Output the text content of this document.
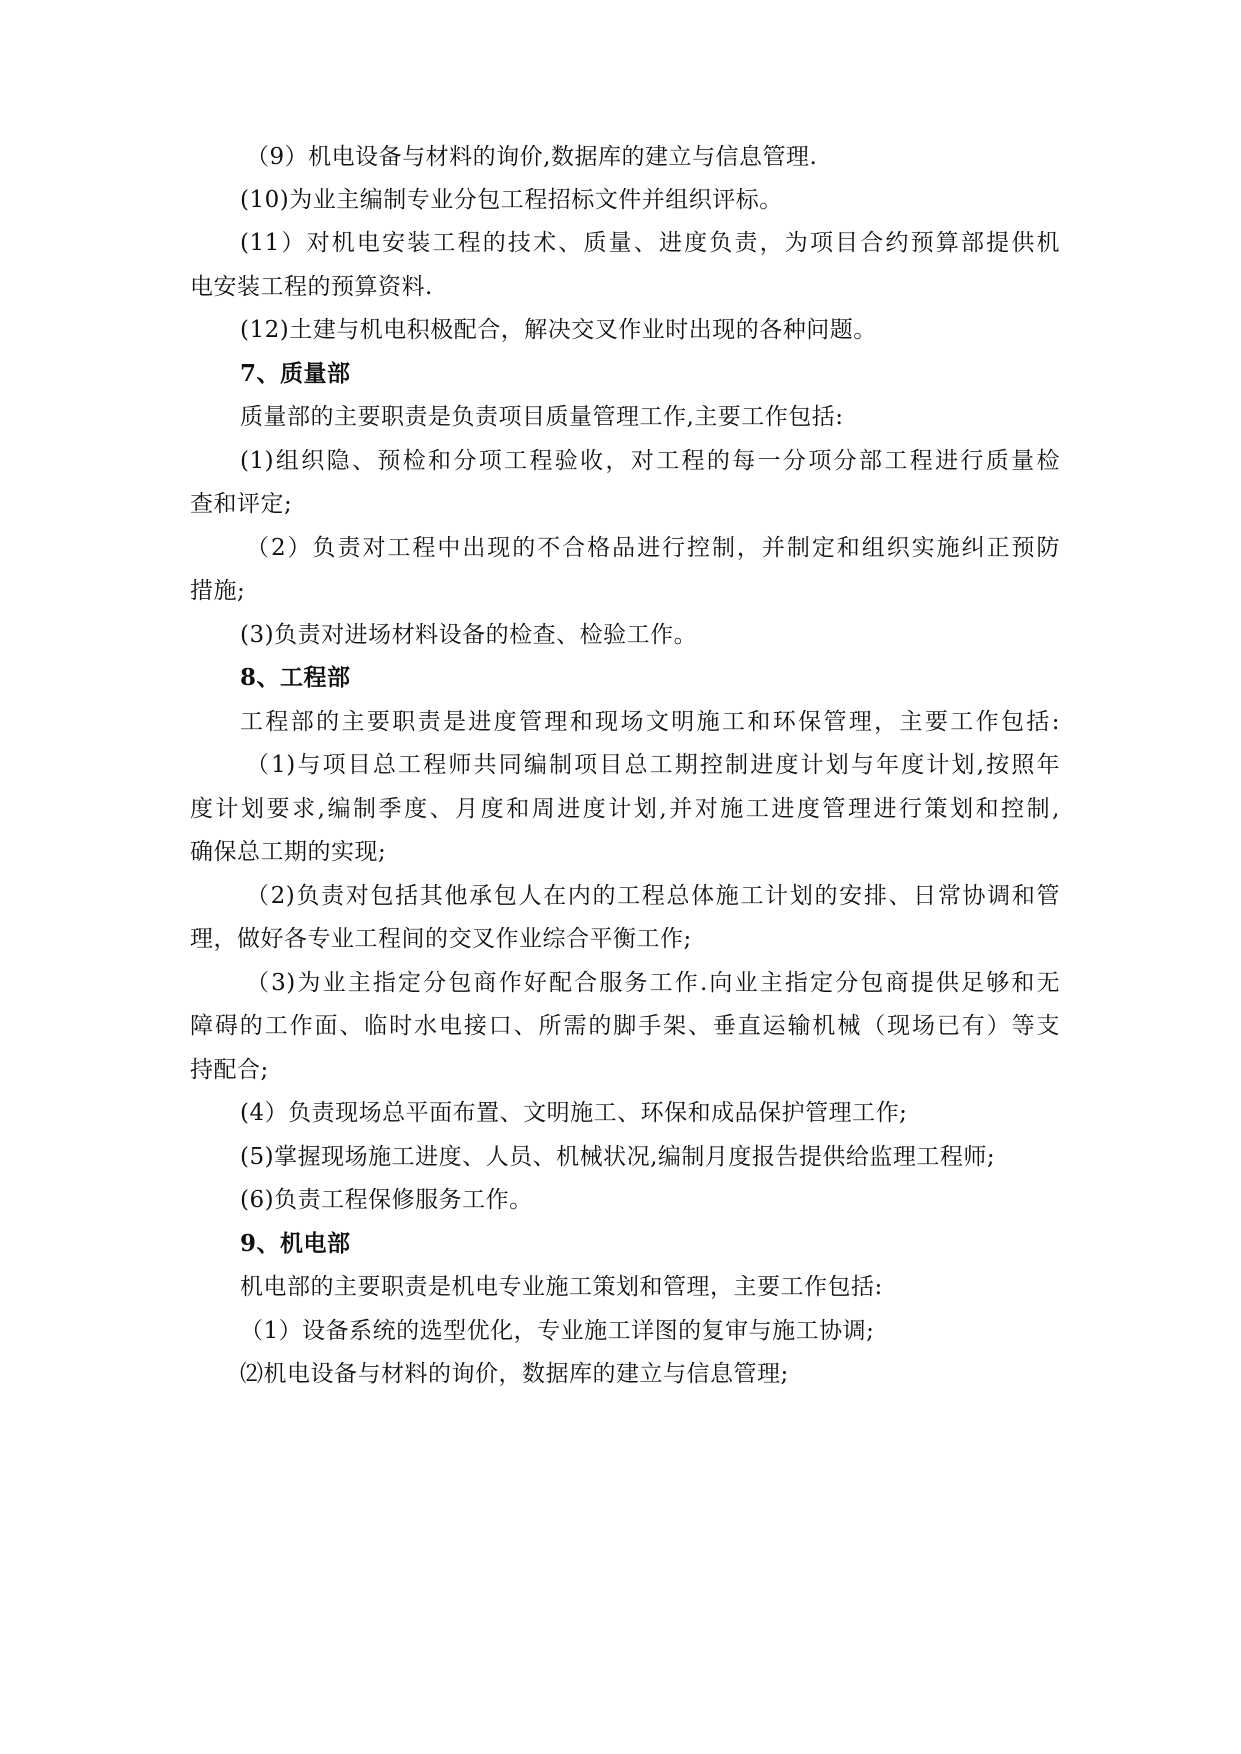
（9）机电设备与材料的询价,数据库的建立与信息管理.
(10)为业主编制专业分包工程招标文件并组织评标。
(11）对机电安装工程的技术、质量、进度负责，为项目合约预算部提供机
电安装工程的预算资料.
(12)土建与机电积极配合，解决交叉作业时出现的各种问题。
7、质量部
质量部的主要职责是负责项目质量管理工作,主要工作包括:
(1)组织隐、预检和分项工程验收，对工程的每一分项分部工程进行质量检
查和评定;
（2）负责对工程中出现的不合格品进行控制，并制定和组织实施纠正预防
措施;
(3)负责对进场材料设备的检查、检验工作。
8、工程部
工程部的主要职责是进度管理和现场文明施工和环保管理，主要工作包括:
（1)与项目总工程师共同编制项目总工期控制进度计划与年度计划,按照年
度计划要求,编制季度、月度和周进度计划,并对施工进度管理进行策划和控制,
确保总工期的实现;
（2)负责对包括其他承包人在内的工程总体施工计划的安排、日常协调和管
理，做好各专业工程间的交叉作业综合平衡工作;
（3)为业主指定分包商作好配合服务工作.向业主指定分包商提供足够和无
障碍的工作面、临时水电接口、所需的脚手架、垂直运输机械（现场已有）等支
持配合;
(4）负责现场总平面布置、文明施工、环保和成品保护管理工作;
(5)掌握现场施工进度、人员、机械状况,编制月度报告提供给监理工程师;
(6)负责工程保修服务工作。
9、机电部
机电部的主要职责是机电专业施工策划和管理，主要工作包括:
（1）设备系统的选型优化，专业施工详图的复审与施工协调;
⑵机电设备与材料的询价，数据库的建立与信息管理;
